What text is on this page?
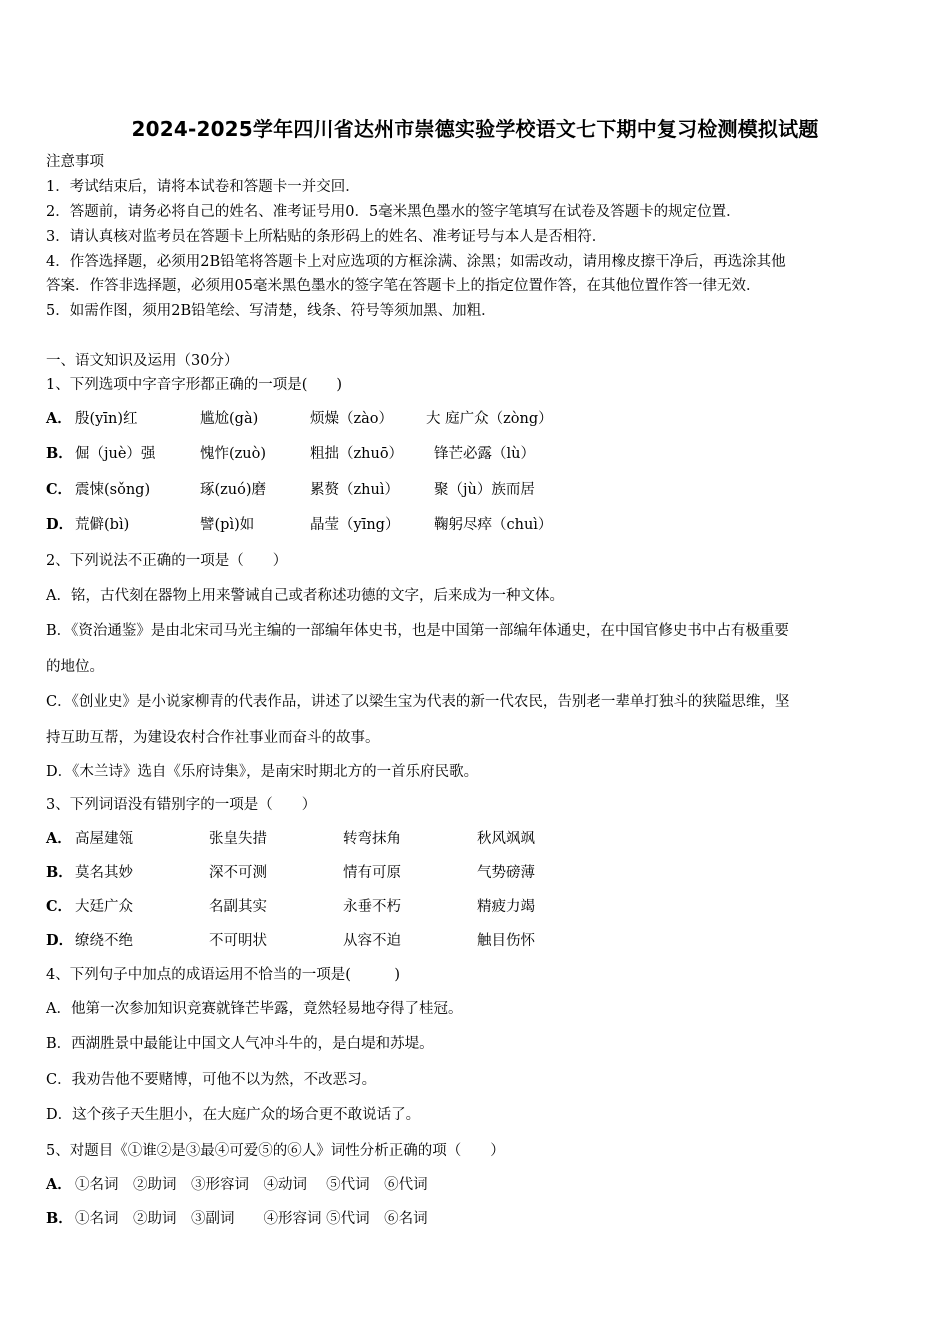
2024-2025学年四川省达州市崇德实验学校语文七下期中复习检测模拟试题
注意事项
1．考试结束后，请将本试卷和答题卡一并交回．
2．答题前，请务必将自己的姓名、准考证号用0．5毫米黑色墨水的签字笔填写在试卷及答题卡的规定位置．
3．请认真核对监考员在答题卡上所粘贴的条形码上的姓名、准考证号与本人是否相符．
4．作答选择题，必须用2B铅笔将答题卡上对应选项的方框涂满、涂黑；如需改动，请用橡皮擦干净后，再选涂其他
答案．作答非选择题，必须用05毫米黑色墨水的签字笔在答题卡上的指定位置作答，在其他位置作答一律无效．
5．如需作图，须用2B铅笔绘、写清楚，线条、符号等须加黑、加粗．
一、语文知识及运用（30分）
1、下列选项中字音字形都正确的一项是(　　)
A． 殷(yīn)红	尴尬(gà)	烦燥（zào） 大 庭广众（zòng）
B． 倔（juè）强	愧怍(zuò)	粗拙（zhuō） 锋芒必露（lù）
C． 震悚(sǒng)	琢(zuó)磨	累赘（zhuì） 聚（jù）族而居
D． 荒僻(bì)	譬(pì)如	晶莹（yīng） 鞠躬尽瘁（chuì）
2、下列说法不正确的一项是（　　）
A．铭，古代刻在器物上用来警诫自己或者称述功德的文字，后来成为一种文体。
B．《资治通鉴》是由北宋司马光主编的一部编年体史书，也是中国第一部编年体通史，在中国官修史书中占有极重要
的地位。
C．《创业史》是小说家柳青的代表作品，讲述了以梁生宝为代表的新一代农民，告别老一辈单打独斗的狭隘思维，坚
持互助互帮，为建设农村合作社事业而奋斗的故事。
D．《木兰诗》选自《乐府诗集》，是南宋时期北方的一首乐府民歌。
3、下列词语没有错别字的一项是（　　）
A． 高屋建瓴	张皇失措	转弯抹角	秋风飒飒
B． 莫名其妙	深不可测	情有可原	气势磅薄
C． 大廷广众	名副其实	永垂不朽	精疲力竭
D． 缭绕不绝	不可明状	从容不迫	触目伤怀
4、下列句子中加点的成语运用不恰当的一项是(　　　)
A．他第一次参加知识竞赛就锋芒毕露，竟然轻易地夺得了桂冠。
B．西湖胜景中最能让中国文人气冲斗牛的，是白堤和苏堤。
C．我劝告他不要赌博，可他不以为然，不改恶习。
D．这个孩子天生胆小，在大庭广众的场合更不敢说话了。
5、对题目《①谁②是③最④可爱⑤的⑥人》词性分析正确的项（　　）
A． ①名词　②助词　③形容词　④动词　 ⑤代词　⑥代词
B． ①名词　②助词　③副词　　④形容词 ⑤代词　⑥名词
